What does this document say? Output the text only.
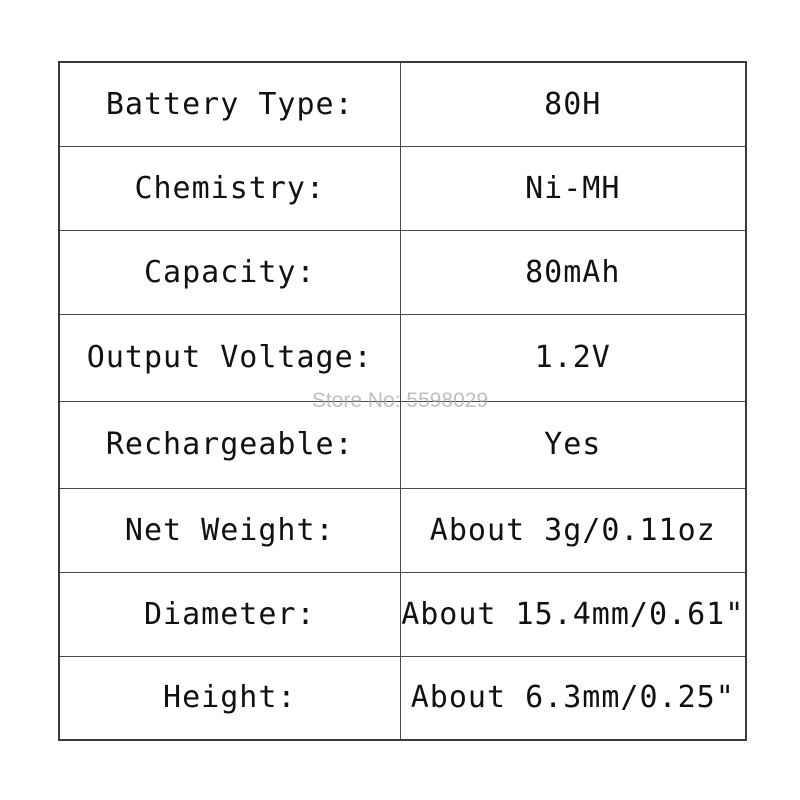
Battery Type:	80H
Chemistry:	Ni-MH
Capacity:	80mAh
Output Voltage:	1.2V
Rechargeable:	Yes
Net Weight:	About 3g/0.11oz
Diameter:	About 15.4mm/0.61"
Height:	About 6.3mm/0.25"
Store No: 5598029
